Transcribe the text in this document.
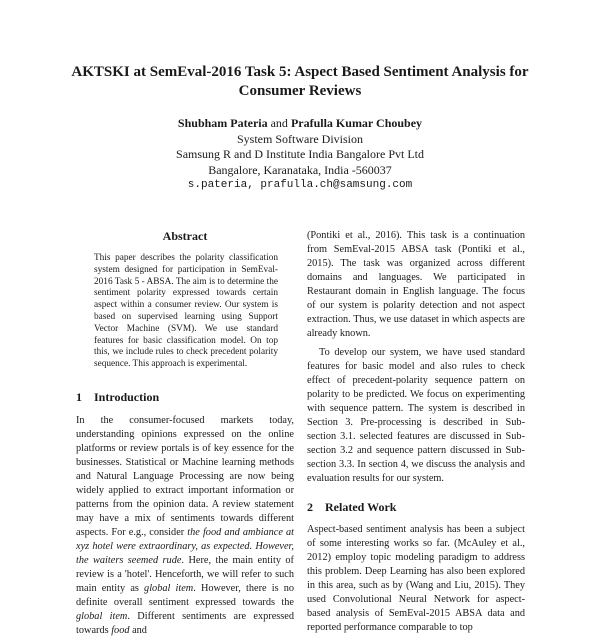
AKTSKI at SemEval-2016 Task 5: Aspect Based Sentiment Analysis for
Consumer Reviews
Shubham Pateria and Prafulla Kumar Choubey
System Software Division
Samsung R and D Institute India Bangalore Pvt Ltd
Bangalore, Karanataka, India -560037
s.pateria, prafulla.ch@samsung.com
Abstract

This paper describes the polarity classification system designed for participation in SemEval-2016 Task 5 - ABSA. The aim is to determine the sentiment polarity expressed towards certain aspect within a consumer review. Our system is based on supervised learning using Support Vector Machine (SVM). We use standard features for basic classification model. On top this, we include rules to check precedent polarity sequence. This approach is experimental.

1 Introduction

In the consumer-focused markets today, understanding opinions expressed on the online platforms or review portals is of key essence for the businesses. Statistical or Machine learning methods and Natural Language Processing are now being widely applied to extract important information or patterns from the opinion data. A review statement may have a mix of sentiments towards different aspects. For e.g., consider the food and ambiance at xyz hotel were extraordinary, as expected. However, the waiters seemed rude. Here, the main entity of review is a 'hotel'. Henceforth, we will refer to such main entity as global item. However, there is no definite overall sentiment expressed towards the global item. Different sentiments are expressed towards food and

(Pontiki et al., 2016). This task is a continuation from SemEval-2015 ABSA task (Pontiki et al., 2015). The task was organized across different domains and languages. We participated in Restaurant domain in English language. The focus of our system is polarity detection and not aspect extraction. Thus, we use dataset in which aspects are already known.

To develop our system, we have used standard features for basic model and also rules to check effect of precedent-polarity sequence pattern on polarity to be predicted. We focus on experimenting with sequence pattern. The system is described in Section 3. Pre-processing is described in Sub-section 3.1. selected features are discussed in Sub-section 3.2 and sequence pattern discussed in Sub-section 3.3. In section 4, we discuss the analysis and evaluation results for our system.

2 Related Work

Aspect-based sentiment analysis has been a subject of some interesting works so far. (McAuley et al., 2012) employ topic modeling paradigm to address this problem. Deep Learning has also been explored in this area, such as by (Wang and Liu, 2015). They used Convolutional Neural Network for aspect-based analysis of SemEval-2015 ABSA data and reported performance comparable to top
